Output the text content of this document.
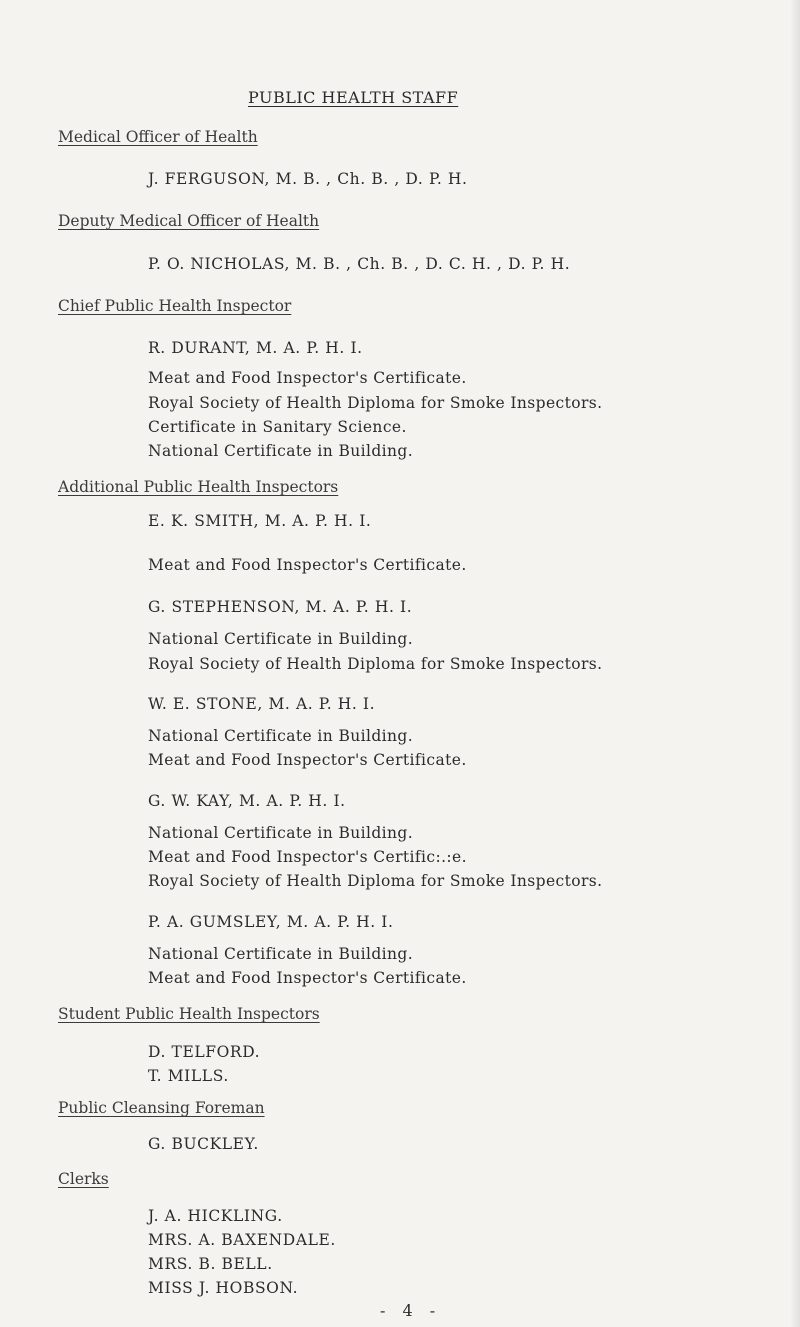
PUBLIC HEALTH STAFF
Medical Officer of Health
J. FERGUSON, M. B. , Ch. B. , D. P. H.
Deputy Medical Officer of Health
P. O. NICHOLAS, M. B. , Ch. B. , D. C. H. , D. P. H.
Chief Public Health Inspector
R. DURANT, M. A. P. H. I.
Meat and Food Inspector's Certificate.
Royal Society of Health Diploma for Smoke Inspectors.
Certificate in Sanitary Science.
National Certificate in Building.
Additional Public Health Inspectors
E. K. SMITH, M. A. P. H. I.
Meat and Food Inspector's Certificate.
G. STEPHENSON, M. A. P. H. I.
National Certificate in Building.
Royal Society of Health Diploma for Smoke Inspectors.
W. E. STONE, M. A. P. H. I.
National Certificate in Building.
Meat and Food Inspector's Certificate.
G. W. KAY, M. A. P. H. I.
National Certificate in Building.
Meat and Food Inspector's Certific:.:e.
Royal Society of Health Diploma for Smoke Inspectors.
P. A. GUMSLEY, M. A. P. H. I.
National Certificate in Building.
Meat and Food Inspector's Certificate.
Student Public Health Inspectors
D. TELFORD.
T. MILLS.
Public Cleansing Foreman
G. BUCKLEY.
Clerks
J. A. HICKLING.
MRS. A. BAXENDALE.
MRS. B. BELL.
MISS J. HOBSON.
- 4 -
